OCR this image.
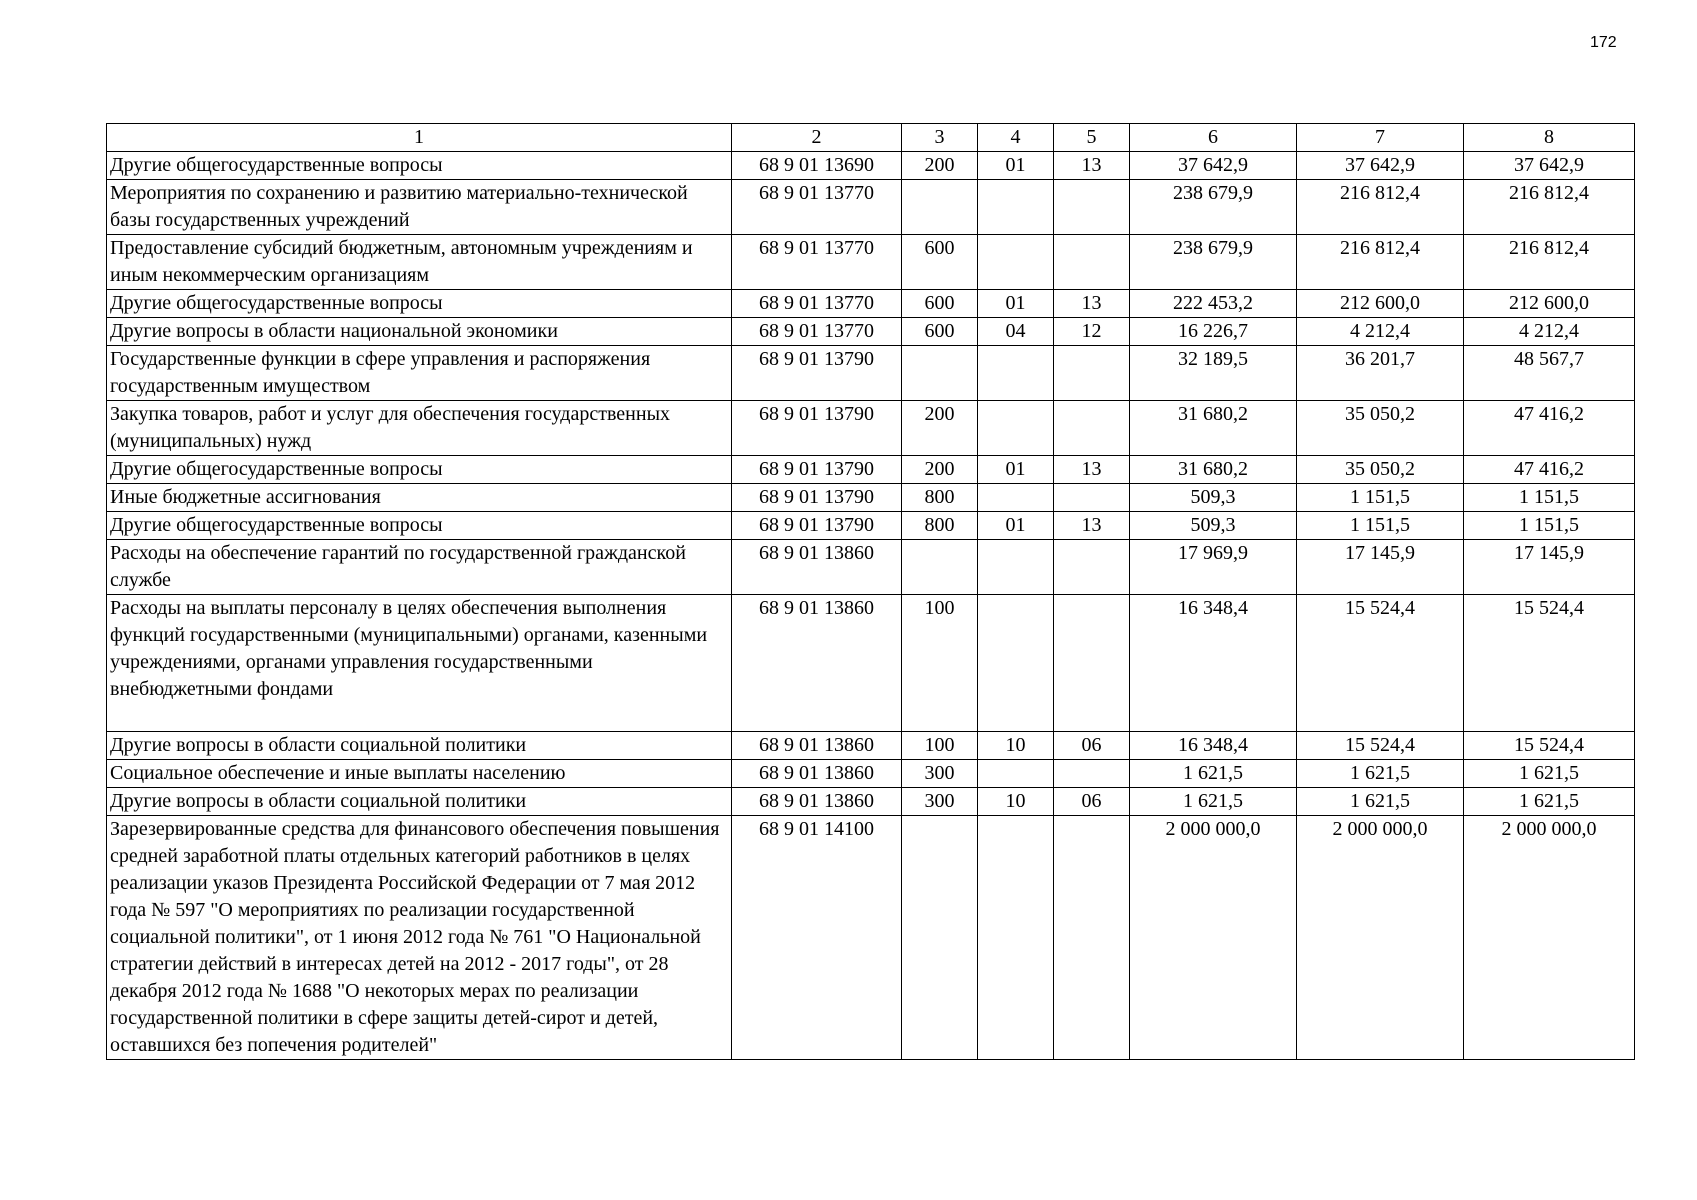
172
1	2	3	4	5	6	7	8
Другие общегосударственные вопросы	68 9 01 13690	200	01	13	37 642,9	37 642,9	37 642,9
Мероприятия по сохранению и развитию материально-технической базы государственных учреждений	68 9 01 13770				238 679,9	216 812,4	216 812,4
Предоставление субсидий бюджетным, автономным учреждениям и иным некоммерческим организациям	68 9 01 13770	600			238 679,9	216 812,4	216 812,4
Другие общегосударственные вопросы	68 9 01 13770	600	01	13	222 453,2	212 600,0	212 600,0
Другие вопросы в области национальной экономики	68 9 01 13770	600	04	12	16 226,7	4 212,4	4 212,4
Государственные функции в сфере управления и распоряжения государственным имуществом	68 9 01 13790				32 189,5	36 201,7	48 567,7
Закупка товаров, работ и услуг для обеспечения государственных (муниципальных) нужд	68 9 01 13790	200			31 680,2	35 050,2	47 416,2
Другие общегосударственные вопросы	68 9 01 13790	200	01	13	31 680,2	35 050,2	47 416,2
Иные бюджетные ассигнования	68 9 01 13790	800			509,3	1 151,5	1 151,5
Другие общегосударственные вопросы	68 9 01 13790	800	01	13	509,3	1 151,5	1 151,5
Расходы на обеспечение гарантий по государственной гражданской службе	68 9 01 13860				17 969,9	17 145,9	17 145,9
Расходы на выплаты персоналу в целях обеспечения выполнения функций государственными (муниципальными) органами, казенными учреждениями, органами управления государственными внебюджетными фондами	68 9 01 13860	100			16 348,4	15 524,4	15 524,4
Другие вопросы в области социальной политики	68 9 01 13860	100	10	06	16 348,4	15 524,4	15 524,4
Социальное обеспечение и иные выплаты населению	68 9 01 13860	300			1 621,5	1 621,5	1 621,5
Другие вопросы в области социальной политики	68 9 01 13860	300	10	06	1 621,5	1 621,5	1 621,5
Зарезервированные средства для финансового обеспечения повышения средней заработной платы отдельных категорий работников в целях реализации указов Президента Российской Федерации от 7 мая 2012 года № 597 "О мероприятиях по реализации государственной социальной политики", от 1 июня 2012 года № 761 "О Национальной стратегии действий в интересах детей на 2012 - 2017 годы", от 28 декабря 2012 года № 1688 "О некоторых мерах по реализации государственной политики в сфере защиты детей-сирот и детей, оставшихся без попечения родителей"	68 9 01 14100				2 000 000,0	2 000 000,0	2 000 000,0
